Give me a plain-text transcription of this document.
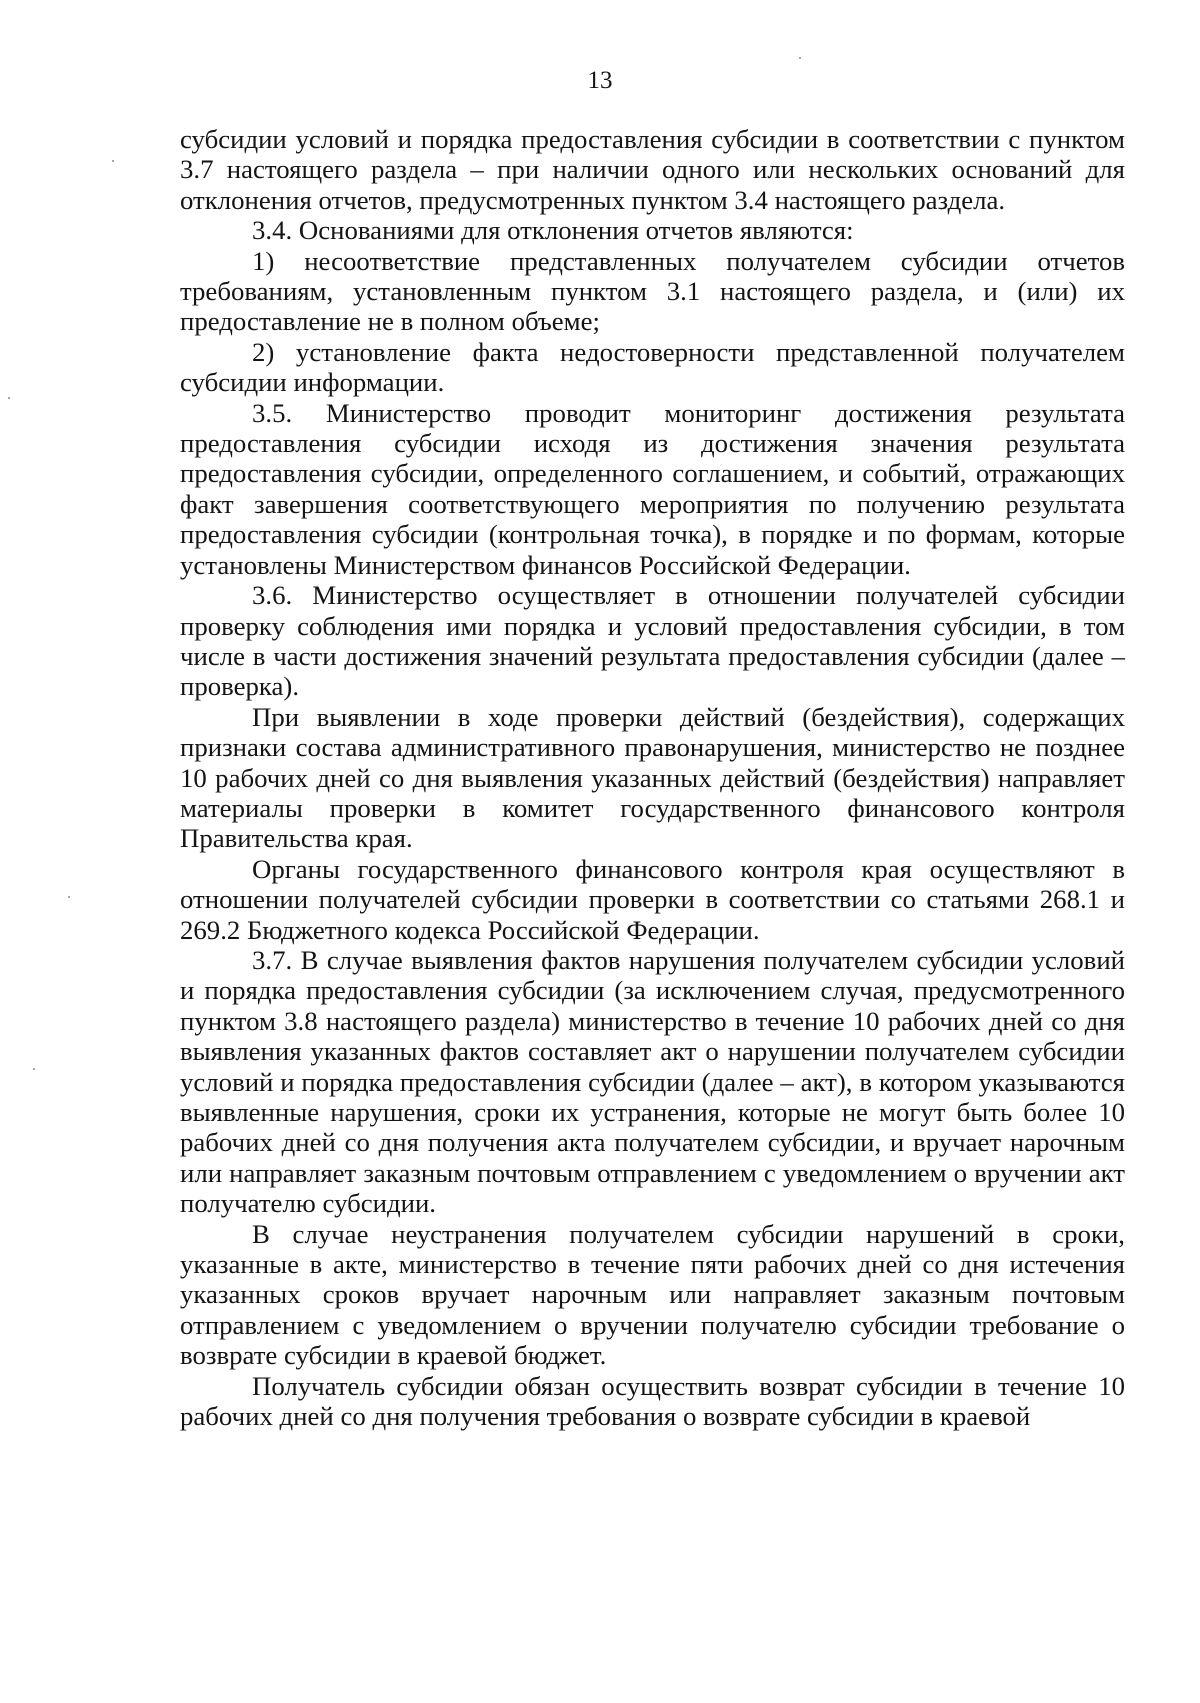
13

субсидии условий и порядка предоставления субсидии в соответствии с пунктом 3.7 настоящего раздела – при наличии одного или нескольких оснований для отклонения отчетов, предусмотренных пунктом 3.4 настоящего раздела.

3.4. Основаниями для отклонения отчетов являются:

1) несоответствие представленных получателем субсидии отчетов требованиям, установленным пунктом 3.1 настоящего раздела, и (или) их предоставление не в полном объеме;

2) установление факта недостоверности представленной получателем субсидии информации.

3.5. Министерство проводит мониторинг достижения результата предоставления субсидии исходя из достижения значения результата предоставления субсидии, определенного соглашением, и событий, отражающих факт завершения соответствующего мероприятия по получению результата предоставления субсидии (контрольная точка), в порядке и по формам, которые установлены Министерством финансов Российской Федерации.

3.6. Министерство осуществляет в отношении получателей субсидии проверку соблюдения ими порядка и условий предоставления субсидии, в том числе в части достижения значений результата предоставления субсидии (далее – проверка).

При выявлении в ходе проверки действий (бездействия), содержащих признаки состава административного правонарушения, министерство не позднее 10 рабочих дней со дня выявления указанных действий (бездействия) направляет материалы проверки в комитет государственного финансового контроля Правительства края.

Органы государственного финансового контроля края осуществляют в отношении получателей субсидии проверки в соответствии со статьями 268.1 и 269.2 Бюджетного кодекса Российской Федерации.

3.7. В случае выявления фактов нарушения получателем субсидии условий и порядка предоставления субсидии (за исключением случая, предусмотренного пунктом 3.8 настоящего раздела) министерство в течение 10 рабочих дней со дня выявления указанных фактов составляет акт о нарушении получателем субсидии условий и порядка предоставления субсидии (далее – акт), в котором указываются выявленные нарушения, сроки их устранения, которые не могут быть более 10 рабочих дней со дня получения акта получателем субсидии, и вручает нарочным или направляет заказным почтовым отправлением с уведомлением о вручении акт получателю субсидии.

В случае неустранения получателем субсидии нарушений в сроки, указанные в акте, министерство в течение пяти рабочих дней со дня истечения указанных сроков вручает нарочным или направляет заказным почтовым отправлением с уведомлением о вручении получателю субсидии требование о возврате субсидии в краевой бюджет.

Получатель субсидии обязан осуществить возврат субсидии в течение 10 рабочих дней со дня получения требования о возврате субсидии в краевой
